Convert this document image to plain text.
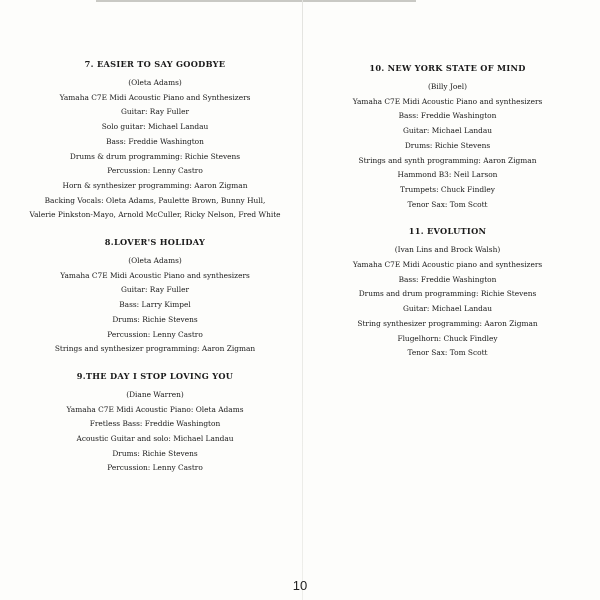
7. EASIER TO SAY GOODBYE
(Oleta Adams)
Yamaha C7E Midi Acoustic Piano and Synthesizers
Guitar: Ray Fuller
Solo guitar: Michael Landau
Bass: Freddie Washington
Drums & drum programming: Richie Stevens
Percussion: Lenny Castro
Horn & synthesizer programming: Aaron Zigman
Backing Vocals: Oleta Adams, Paulette Brown, Bunny Hull,
Valerie Pinkston-Mayo, Arnold McCuller, Ricky Nelson, Fred White
8.LOVER'S HOLIDAY
(Oleta Adams)
Yamaha C7E Midi Acoustic Piano and synthesizers
Guitar: Ray Fuller
Bass: Larry Kimpel
Drums: Richie Stevens
Percussion: Lenny Castro
Strings and synthesizer programming: Aaron Zigman
9.THE DAY I STOP LOVING YOU
(Diane Warren)
Yamaha C7E Midi Acoustic Piano: Oleta Adams
Fretless Bass: Freddie Washington
Acoustic Guitar and solo: Michael Landau
Drums: Richie Stevens
Percussion: Lenny Castro
10. NEW YORK STATE OF MIND
(Billy Joel)
Yamaha C7E Midi Acoustic Piano and synthesizers
Bass: Freddie Washington
Guitar: Michael Landau
Drums: Richie Stevens
Strings and synth programming: Aaron Zigman
Hammond B3: Neil Larson
Trumpets: Chuck Findley
Tenor Sax: Tom Scott
11. EVOLUTION
(Ivan Lins and Brock Walsh)
Yamaha C7E Midi Acoustic piano and synthesizers
Bass: Freddie Washington
Drums and drum programming: Richie Stevens
Guitar: Michael Landau
String synthesizer programming: Aaron Zigman
Flugelhorn: Chuck Findley
Tenor Sax: Tom Scott
10
